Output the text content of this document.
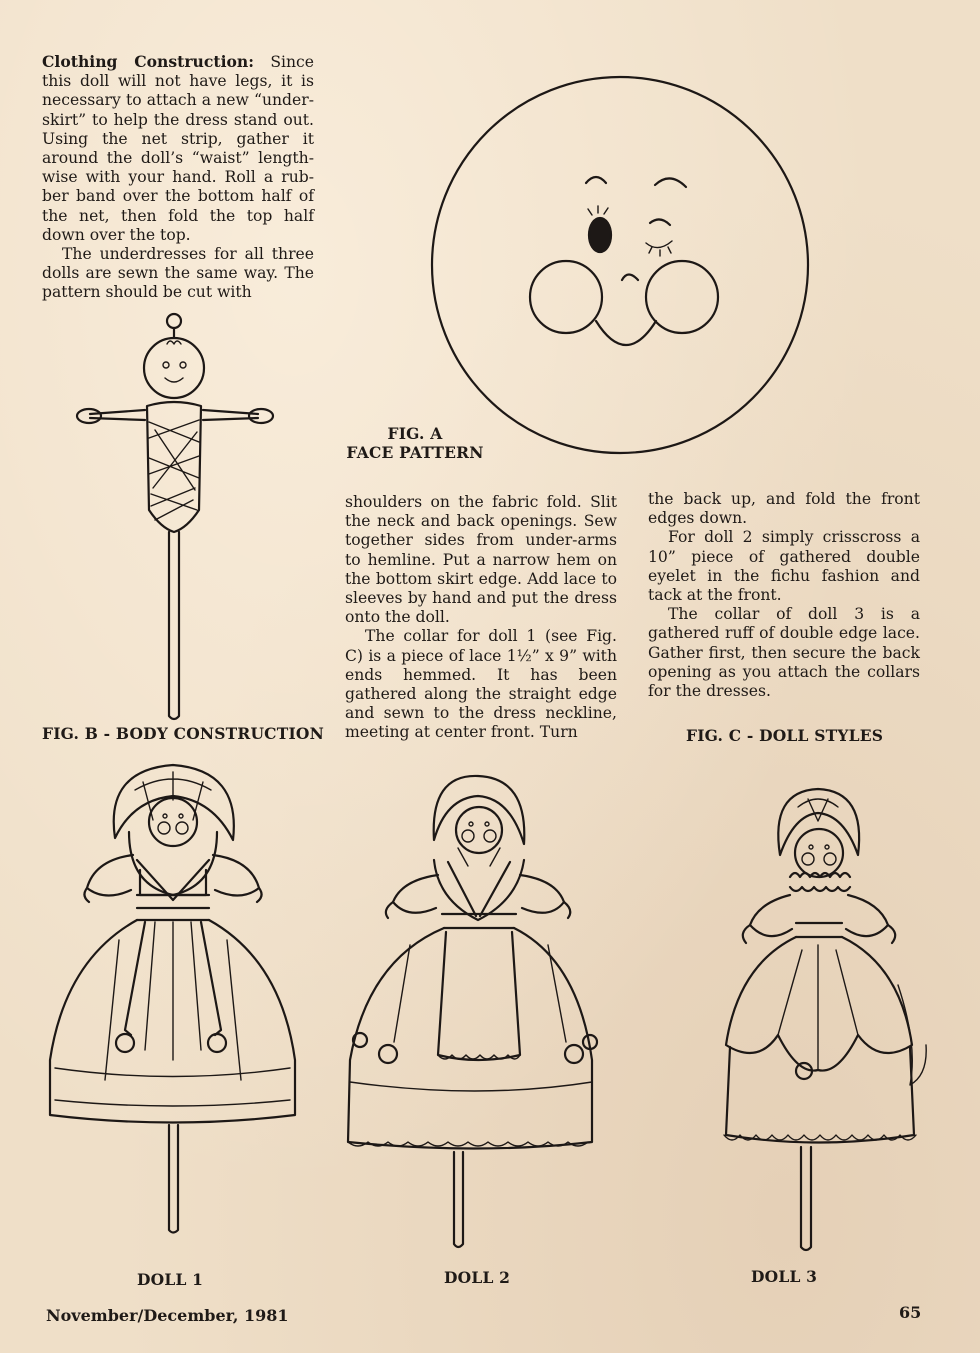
Clothing Construction: Since this doll will not have legs, it is necessary to attach a new “under-skirt” to help the dress stand out. Using the net strip, gather it around the doll’s “waist” length-wise with your hand. Roll a rub-ber band over the bottom half of the net, then fold the top half down over the top.

The underdresses for all three dolls are sewn the same way. The pattern should be cut with

FIG. A
FACE PATTERN
FIG. B - BODY CONSTRUCTION

shoulders on the fabric fold. Slit the neck and back openings. Sew together sides from under-arms to hemline. Put a narrow hem on the bottom skirt edge. Add lace to sleeves by hand and put the dress onto the doll.

The collar for doll 1 (see Fig. C) is a piece of lace 1½” x 9” with ends hemmed. It has been gathered along the straight edge and sewn to the dress neckline, meeting at center front. Turn

the back up, and fold the front edges down.

For doll 2 simply crisscross a 10” piece of gathered double eyelet in the fichu fashion and tack at the front.

The collar of doll 3 is a gathered ruff of double edge lace. Gather first, then secure the back opening as you attach the collars for the dresses.

FIG. C - DOLL STYLES
DOLL 1	DOLL 2	DOLL 3
November/December, 1981	65
